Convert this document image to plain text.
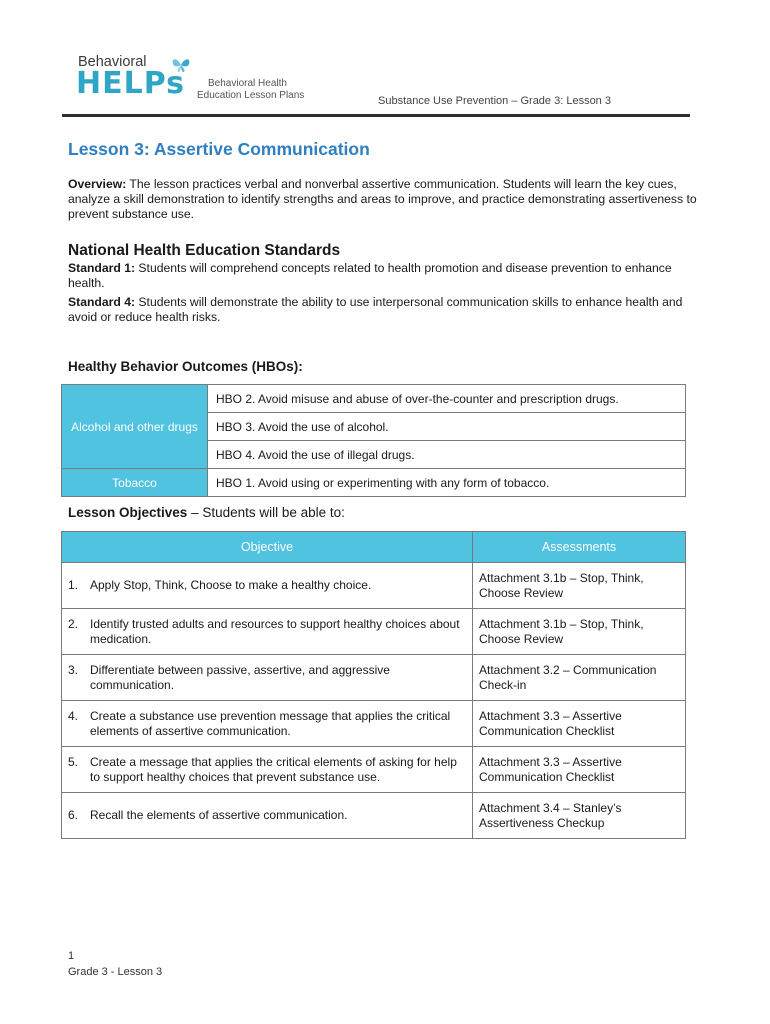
Behavioral
HELPs Behavioral Health
Education Lesson Plans	Substance Use Prevention – Grade 3: Lesson 3
Lesson 3: Assertive Communication
Overview: The lesson practices verbal and nonverbal assertive communication. Students will learn the key cues, analyze a skill demonstration to identify strengths and areas to improve, and practice demonstrating assertiveness to prevent substance use.
National Health Education Standards
Standard 1: Students will comprehend concepts related to health promotion and disease prevention to enhance health.
Standard 4: Students will demonstrate the ability to use interpersonal communication skills to enhance health and avoid or reduce health risks.
Healthy Behavior Outcomes (HBOs):
Alcohol and other drugs	HBO 2. Avoid misuse and abuse of over-the-counter and prescription drugs.
	HBO 3. Avoid the use of alcohol.
	HBO 4. Avoid the use of illegal drugs.
Tobacco	HBO 1. Avoid using or experimenting with any form of tobacco.
Lesson Objectives – Students will be able to:
Objective	Assessments

1. Apply Stop, Think, Choose to make a healthy choice.	Attachment 3.1b – Stop, Think, Choose Review

2. Identify trusted adults and resources to support healthy choices about medication.	Attachment 3.1b – Stop, Think, Choose Review

3. Differentiate between passive, assertive, and aggressive communication.	Attachment 3.2 – Communication Check-in

4. Create a substance use prevention message that applies the critical elements of assertive communication.	Attachment 3.3 – Assertive Communication Checklist

5. Create a message that applies the critical elements of asking for help to support healthy choices that prevent substance use.	Attachment 3.3 – Assertive Communication Checklist

6. Recall the elements of assertive communication.	Attachment 3.4 – Stanley’s Assertiveness Checkup
1
Grade 3 - Lesson 3
